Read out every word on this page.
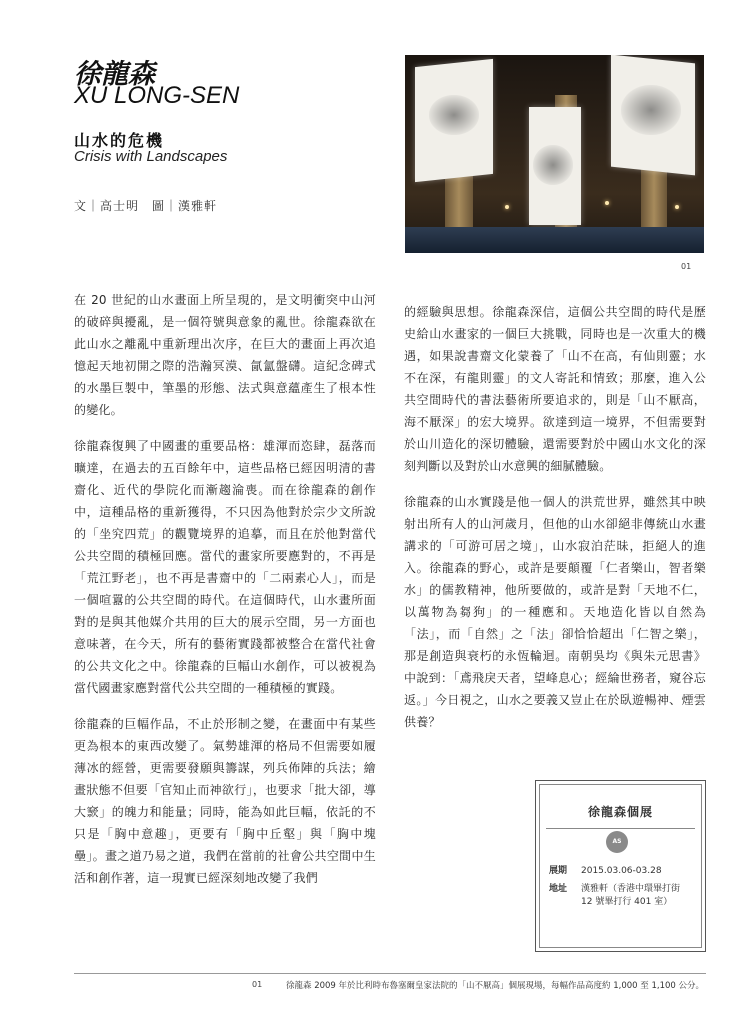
徐龍森
XU LONG-SEN
山水的危機
Crisis with Landscapes
文｜高士明　圖｜漢雅軒
01

在 20 世紀的山水畫面上所呈現的，是文明衝突中山河的破碎與擾亂，是一個符號與意象的亂世。徐龍森欲在此山水之離亂中重新理出次序，在巨大的畫面上再次追憶起天地初開之際的浩瀚冥漠、氤氳盤礴。這紀念碑式的水墨巨製中，筆墨的形態、法式與意蘊產生了根本性的變化。

徐龍森復興了中國畫的重要品格：雄渾而恣肆，磊落而曠達，在過去的五百餘年中，這些品格已經因明清的書齋化、近代的學院化而漸趨淪喪。而在徐龍森的創作中，這種品格的重新獲得，不只因為他對於宗少文所說的「坐究四荒」的觀覽境界的追摹，而且在於他對當代公共空間的積極回應。當代的畫家所要應對的，不再是「荒江野老」，也不再是書齋中的「二兩素心人」，而是一個喧囂的公共空間的時代。在這個時代，山水畫所面對的是與其他媒介共用的巨大的展示空間，另一方面也意味著，在今天，所有的藝術實踐都被整合在當代社會的公共文化之中。徐龍森的巨幅山水創作，可以被視為當代國畫家應對當代公共空間的一種積極的實踐。

徐龍森的巨幅作品，不止於形制之變，在畫面中有某些更為根本的東西改變了。氣勢雄渾的格局不但需要如履薄冰的經營，更需要發願與籌謀，列兵佈陣的兵法；繪畫狀態不但要「官知止而神欲行」，也要求「批大卻，導大窾」的魄力和能量；同時，能為如此巨幅，依託的不只是「胸中意趣」，更要有「胸中丘壑」與「胸中塊壘」。畫之道乃易之道，我們在當前的社會公共空間中生活和創作著，這一現實已經深刻地改變了我們

的經驗與思想。徐龍森深信，這個公共空間的時代是歷史給山水畫家的一個巨大挑戰，同時也是一次重大的機遇，如果說書齋文化蒙養了「山不在高，有仙則靈；水不在深，有龍則靈」的文人寄託和情致；那麼，進入公共空間時代的書法藝術所要追求的，則是「山不厭高，海不厭深」的宏大境界。欲達到這一境界，不但需要對於山川造化的深切體驗，還需要對於中國山水文化的深刻判斷以及對於山水意興的細膩體驗。

徐龍森的山水實踐是他一個人的洪荒世界，雖然其中映射出所有人的山河歲月，但他的山水卻絕非傳統山水畫講求的「可游可居之境」，山水寂泊茫昧，拒絕人的進入。徐龍森的野心，或許是要顛覆「仁者樂山，智者樂水」的儒教精神，他所要做的，或許是對「天地不仁，以萬物為芻狗」的一種應和。天地造化皆以自然為「法」，而「自然」之「法」卻恰恰超出「仁智之樂」，那是創造與衰朽的永恆輪迴。南朝吳均《與朱元思書》中說到：「鳶飛戾天者，望峰息心；經綸世務者，窺谷忘返。」今日視之，山水之要義又豈止在於臥遊暢神、煙雲供養？

徐龍森個展
AS
展期 2015.03.06-03.28
地址 漢雅軒（香港中環畢打街 12 號畢打行 401 室）
01	徐龍森 2009 年於比利時布魯塞爾皇家法院的「山不厭高」個展現場，每幅作品高度約 1,000 至 1,100 公分。
